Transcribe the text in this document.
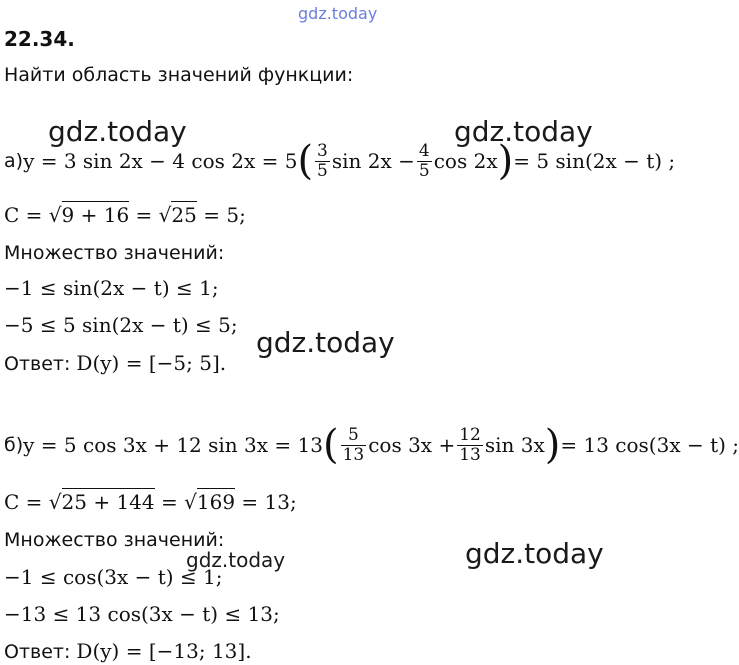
gdz.today
gdz.today	gdz.today
gdz.today
gdz.today
gdz.today
22.34.
Найти область значений функции:
а) y = 3 sin 2x − 4 cos 2x = 5 ( $\frac{3}{5}$ $\sin 2x - \frac{4}{5}$ cos 2x ) = 5 sin(2x − t) ;
C = √9 + 16 = √25 = 5;
Множество значений:
−1 ≤ sin(2x − t) ≤ 1;
−5 ≤ 5 sin(2x − t) ≤ 5;
Ответ: D(y) = [−5; 5].
б) y = 5 cos 3x + 12 sin 3x = 13 ( $\frac{5}{13}$ $\cos 3x + \frac{12}{13}$ sin 3x ) = 13 cos(3x − t) ;
C = √25 + 144 = √169 = 13;
Множество значений:
−1 ≤ cos(3x − t) ≤ 1;
−13 ≤ 13 cos(3x − t) ≤ 13;
Ответ: D(y) = [−13; 13].
